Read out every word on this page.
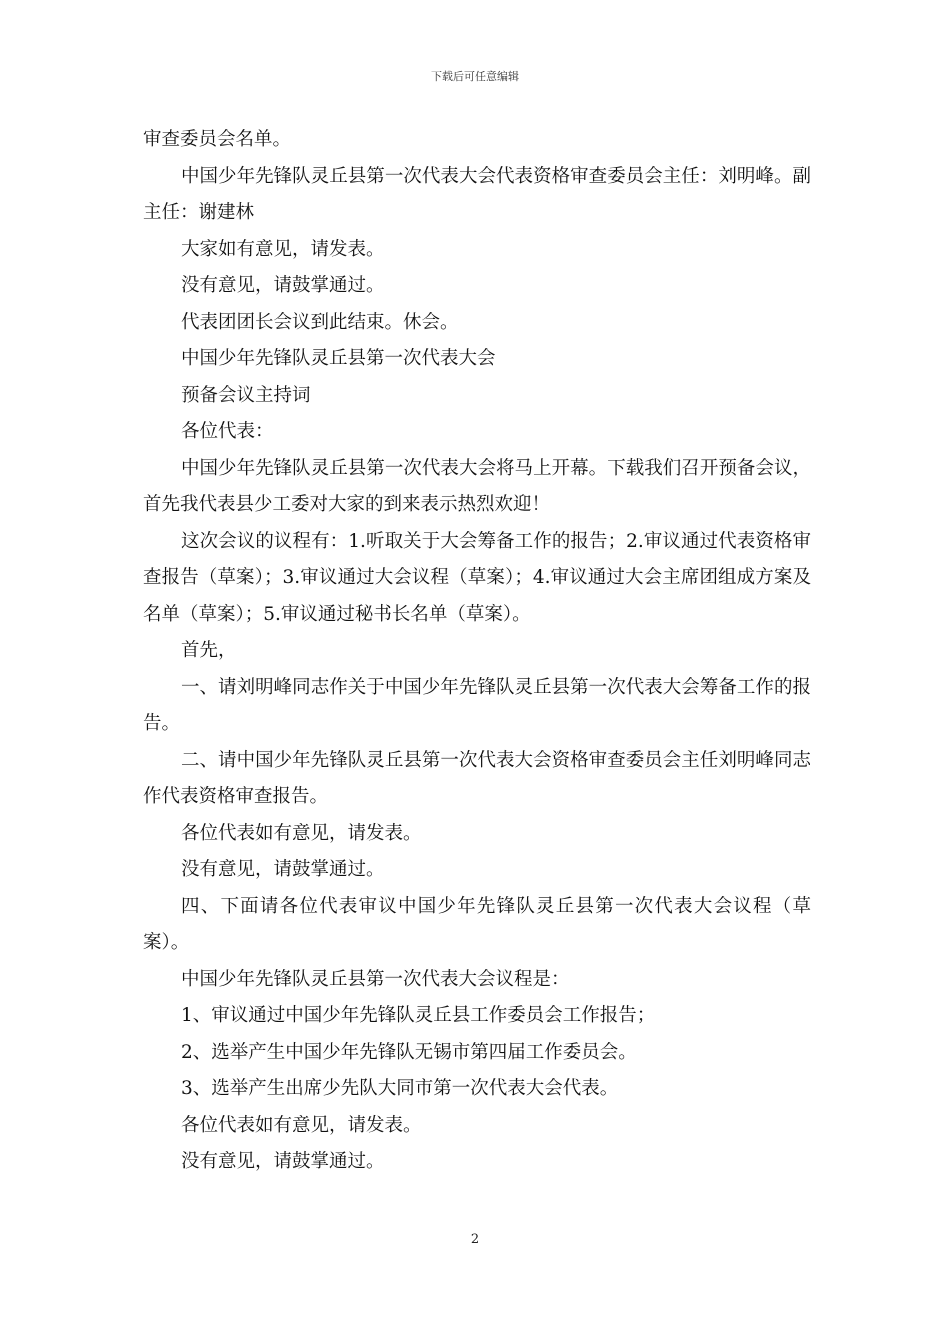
下载后可任意编辑

审查委员会名单。

中国少年先锋队灵丘县第一次代表大会代表资格审查委员会主任：刘明峰。副主任：谢建林

大家如有意见，请发表。

没有意见，请鼓掌通过。

代表团团长会议到此结束。休会。

中国少年先锋队灵丘县第一次代表大会

预备会议主持词

各位代表：

中国少年先锋队灵丘县第一次代表大会将马上开幕。下载我们召开预备会议，首先我代表县少工委对大家的到来表示热烈欢迎！

这次会议的议程有：1.听取关于大会筹备工作的报告；2.审议通过代表资格审查报告（草案）；3.审议通过大会议程（草案）；4.审议通过大会主席团组成方案及名单（草案）；5.审议通过秘书长名单（草案）。

首先，

一、请刘明峰同志作关于中国少年先锋队灵丘县第一次代表大会筹备工作的报告。

二、请中国少年先锋队灵丘县第一次代表大会资格审查委员会主任刘明峰同志作代表资格审查报告。

各位代表如有意见，请发表。

没有意见，请鼓掌通过。

四、下面请各位代表审议中国少年先锋队灵丘县第一次代表大会议程（草案）。

中国少年先锋队灵丘县第一次代表大会议程是：

1、审议通过中国少年先锋队灵丘县工作委员会工作报告；

2、选举产生中国少年先锋队无锡市第四届工作委员会。

3、选举产生出席少先队大同市第一次代表大会代表。

各位代表如有意见，请发表。

没有意见，请鼓掌通过。

2
